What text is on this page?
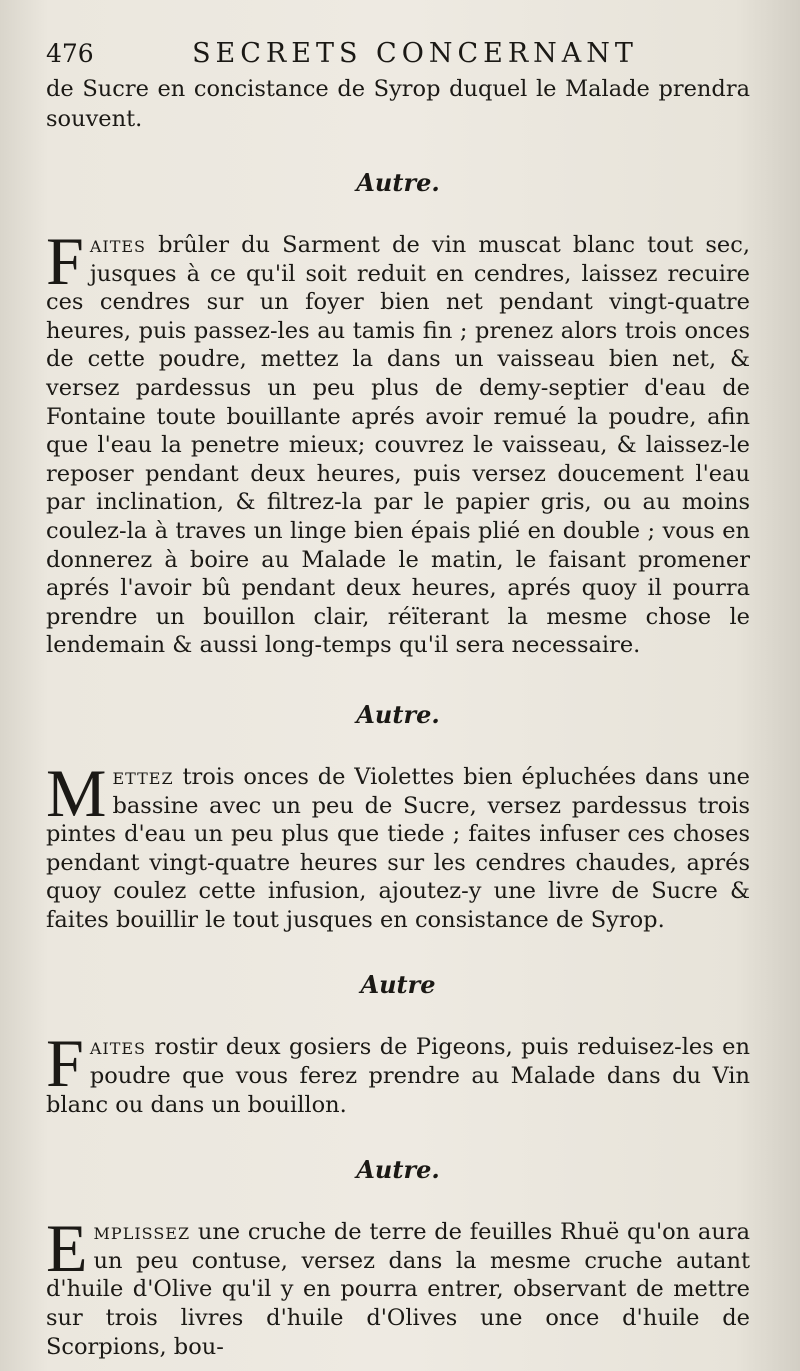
476	SECRETS CONCERNANT

de Sucre en concistance de Syrop duquel le Malade prendra souvent.

Autre.

Faites brûler du Sarment de vin muscat blanc tout sec, jusques à ce qu'il soit reduit en cendres, laissez recuire ces cendres sur un foyer bien net pendant vingt-quatre heures, puis passez-les au tamis fin ; prenez alors trois onces de cette poudre, mettez la dans un vaisseau bien net, & versez pardessus un peu plus de demy-septier d'eau de Fontaine toute bouillante aprés avoir remué la poudre, afin que l'eau la penetre mieux; couvrez le vaisseau, & laissez-le reposer pendant deux heures, puis versez doucement l'eau par inclination, & filtrez-la par le papier gris, ou au moins coulez-la à traves un linge bien épais plié en double ; vous en donnerez à boire au Malade le matin, le faisant promener aprés l'avoir bû pendant deux heures, aprés quoy il pourra prendre un bouillon clair, réïterant la mesme chose le lendemain & aussi long-temps qu'il sera necessaire.

Autre.

Mettez trois onces de Violettes bien épluchées dans une bassine avec un peu de Sucre, versez pardessus trois pintes d'eau un peu plus que tiede ; faites infuser ces choses pendant vingt-quatre heures sur les cendres chaudes, aprés quoy coulez cette infusion, ajoutez-y une livre de Sucre & faites bouillir le tout jusques en consistance de Syrop.

Autre

Faites rostir deux gosiers de Pigeons, puis reduisez-les en poudre que vous ferez prendre au Malade dans du Vin blanc ou dans un bouillon.

Autre.

Emplissez une cruche de terre de feuilles Rhuë qu'on aura un peu contuse, versez dans la mesme cruche autant d'huile d'Olive qu'il y en pourra entrer, observant de mettre sur trois livres d'huile d'Olives une once d'huile de Scorpions, bou-
